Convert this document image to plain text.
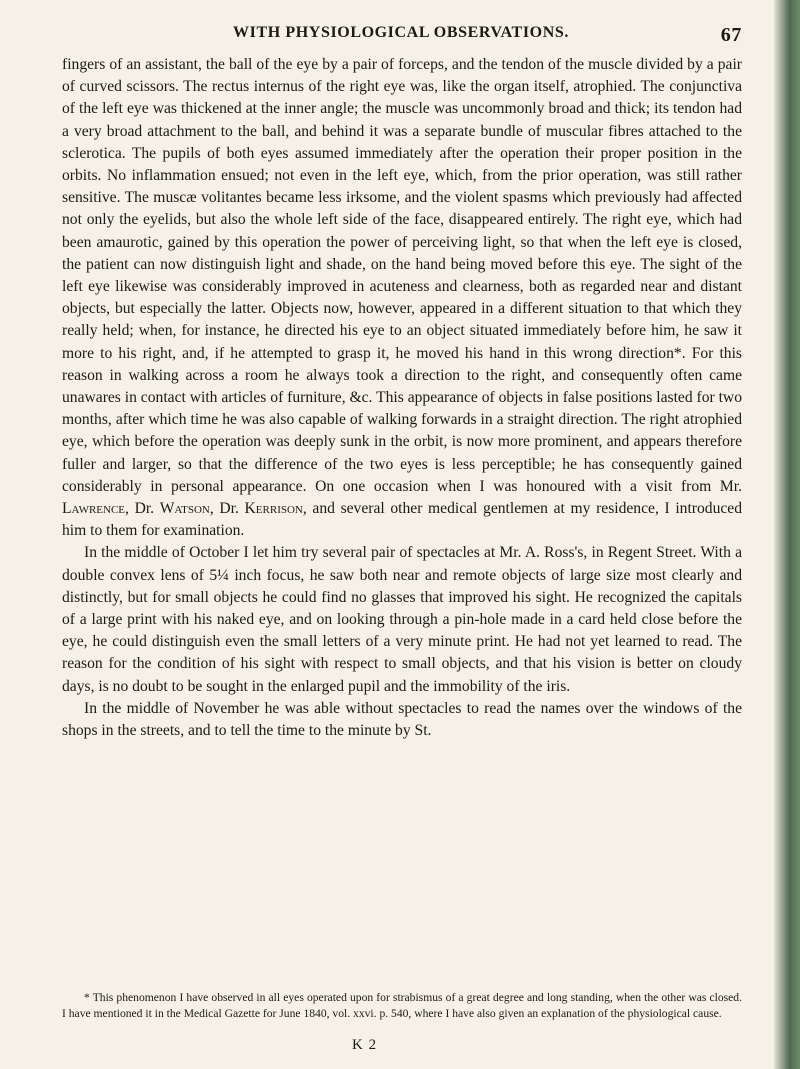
WITH PHYSIOLOGICAL OBSERVATIONS.	67

fingers of an assistant, the ball of the eye by a pair of forceps, and the tendon of the muscle divided by a pair of curved scissors. The rectus internus of the right eye was, like the organ itself, atrophied. The conjunctiva of the left eye was thickened at the inner angle; the muscle was uncommonly broad and thick; its tendon had a very broad attachment to the ball, and behind it was a separate bundle of muscular fibres attached to the sclerotica. The pupils of both eyes assumed immediately after the operation their proper position in the orbits. No inflammation ensued; not even in the left eye, which, from the prior operation, was still rather sensitive. The muscæ volitantes became less irksome, and the violent spasms which previously had affected not only the eyelids, but also the whole left side of the face, disappeared entirely. The right eye, which had been amaurotic, gained by this operation the power of perceiving light, so that when the left eye is closed, the patient can now distinguish light and shade, on the hand being moved before this eye. The sight of the left eye likewise was considerably improved in acuteness and clearness, both as regarded near and distant objects, but especially the latter. Objects now, however, appeared in a different situation to that which they really held; when, for instance, he directed his eye to an object situated immediately before him, he saw it more to his right, and, if he attempted to grasp it, he moved his hand in this wrong direction*. For this reason in walking across a room he always took a direction to the right, and consequently often came unawares in contact with articles of furniture, &c. This appearance of objects in false positions lasted for two months, after which time he was also capable of walking forwards in a straight direction. The right atrophied eye, which before the operation was deeply sunk in the orbit, is now more prominent, and appears therefore fuller and larger, so that the difference of the two eyes is less perceptible; he has consequently gained considerably in personal appearance. On one occasion when I was honoured with a visit from Mr. Lawrence, Dr. Watson, Dr. Kerrison, and several other medical gentlemen at my residence, I introduced him to them for examination.

In the middle of October I let him try several pair of spectacles at Mr. A. Ross's, in Regent Street. With a double convex lens of 5¼ inch focus, he saw both near and remote objects of large size most clearly and distinctly, but for small objects he could find no glasses that improved his sight. He recognized the capitals of a large print with his naked eye, and on looking through a pin-hole made in a card held close before the eye, he could distinguish even the small letters of a very minute print. He had not yet learned to read. The reason for the condition of his sight with respect to small objects, and that his vision is better on cloudy days, is no doubt to be sought in the enlarged pupil and the immobility of the iris.

In the middle of November he was able without spectacles to read the names over the windows of the shops in the streets, and to tell the time to the minute by St.

* This phenomenon I have observed in all eyes operated upon for strabismus of a great degree and long standing, when the other was closed. I have mentioned it in the Medical Gazette for June 1840, vol. xxvi. p. 540, where I have also given an explanation of the physiological cause.
K 2
